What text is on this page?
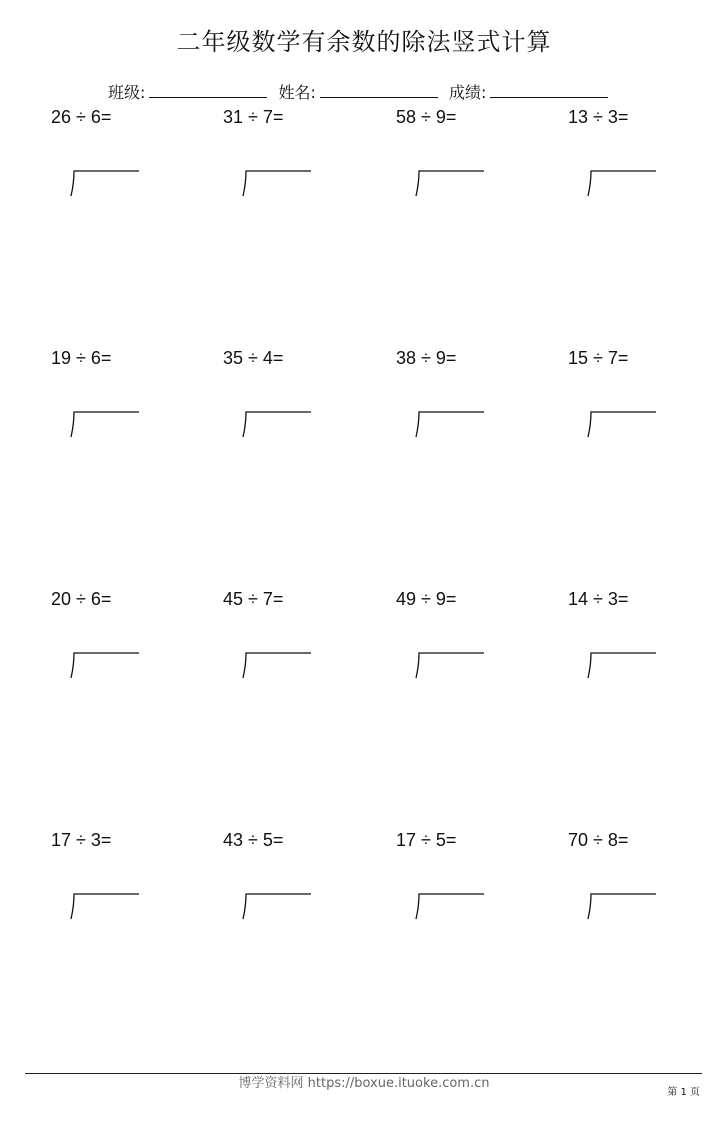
二年级数学有余数的除法竖式计算
班级:	姓名:	成绩:
26 ÷ 6=	31 ÷ 7=	58 ÷ 9=	13 ÷ 3=
19 ÷ 6=	35 ÷ 4=	38 ÷ 9=	15 ÷ 7=
20 ÷ 6=	45 ÷ 7=	49 ÷ 9=	14 ÷ 3=
17 ÷ 3=	43 ÷ 5=	17 ÷ 5=	70 ÷ 8=
博学资料网 https://boxue.ituoke.com.cn
第 1 页
